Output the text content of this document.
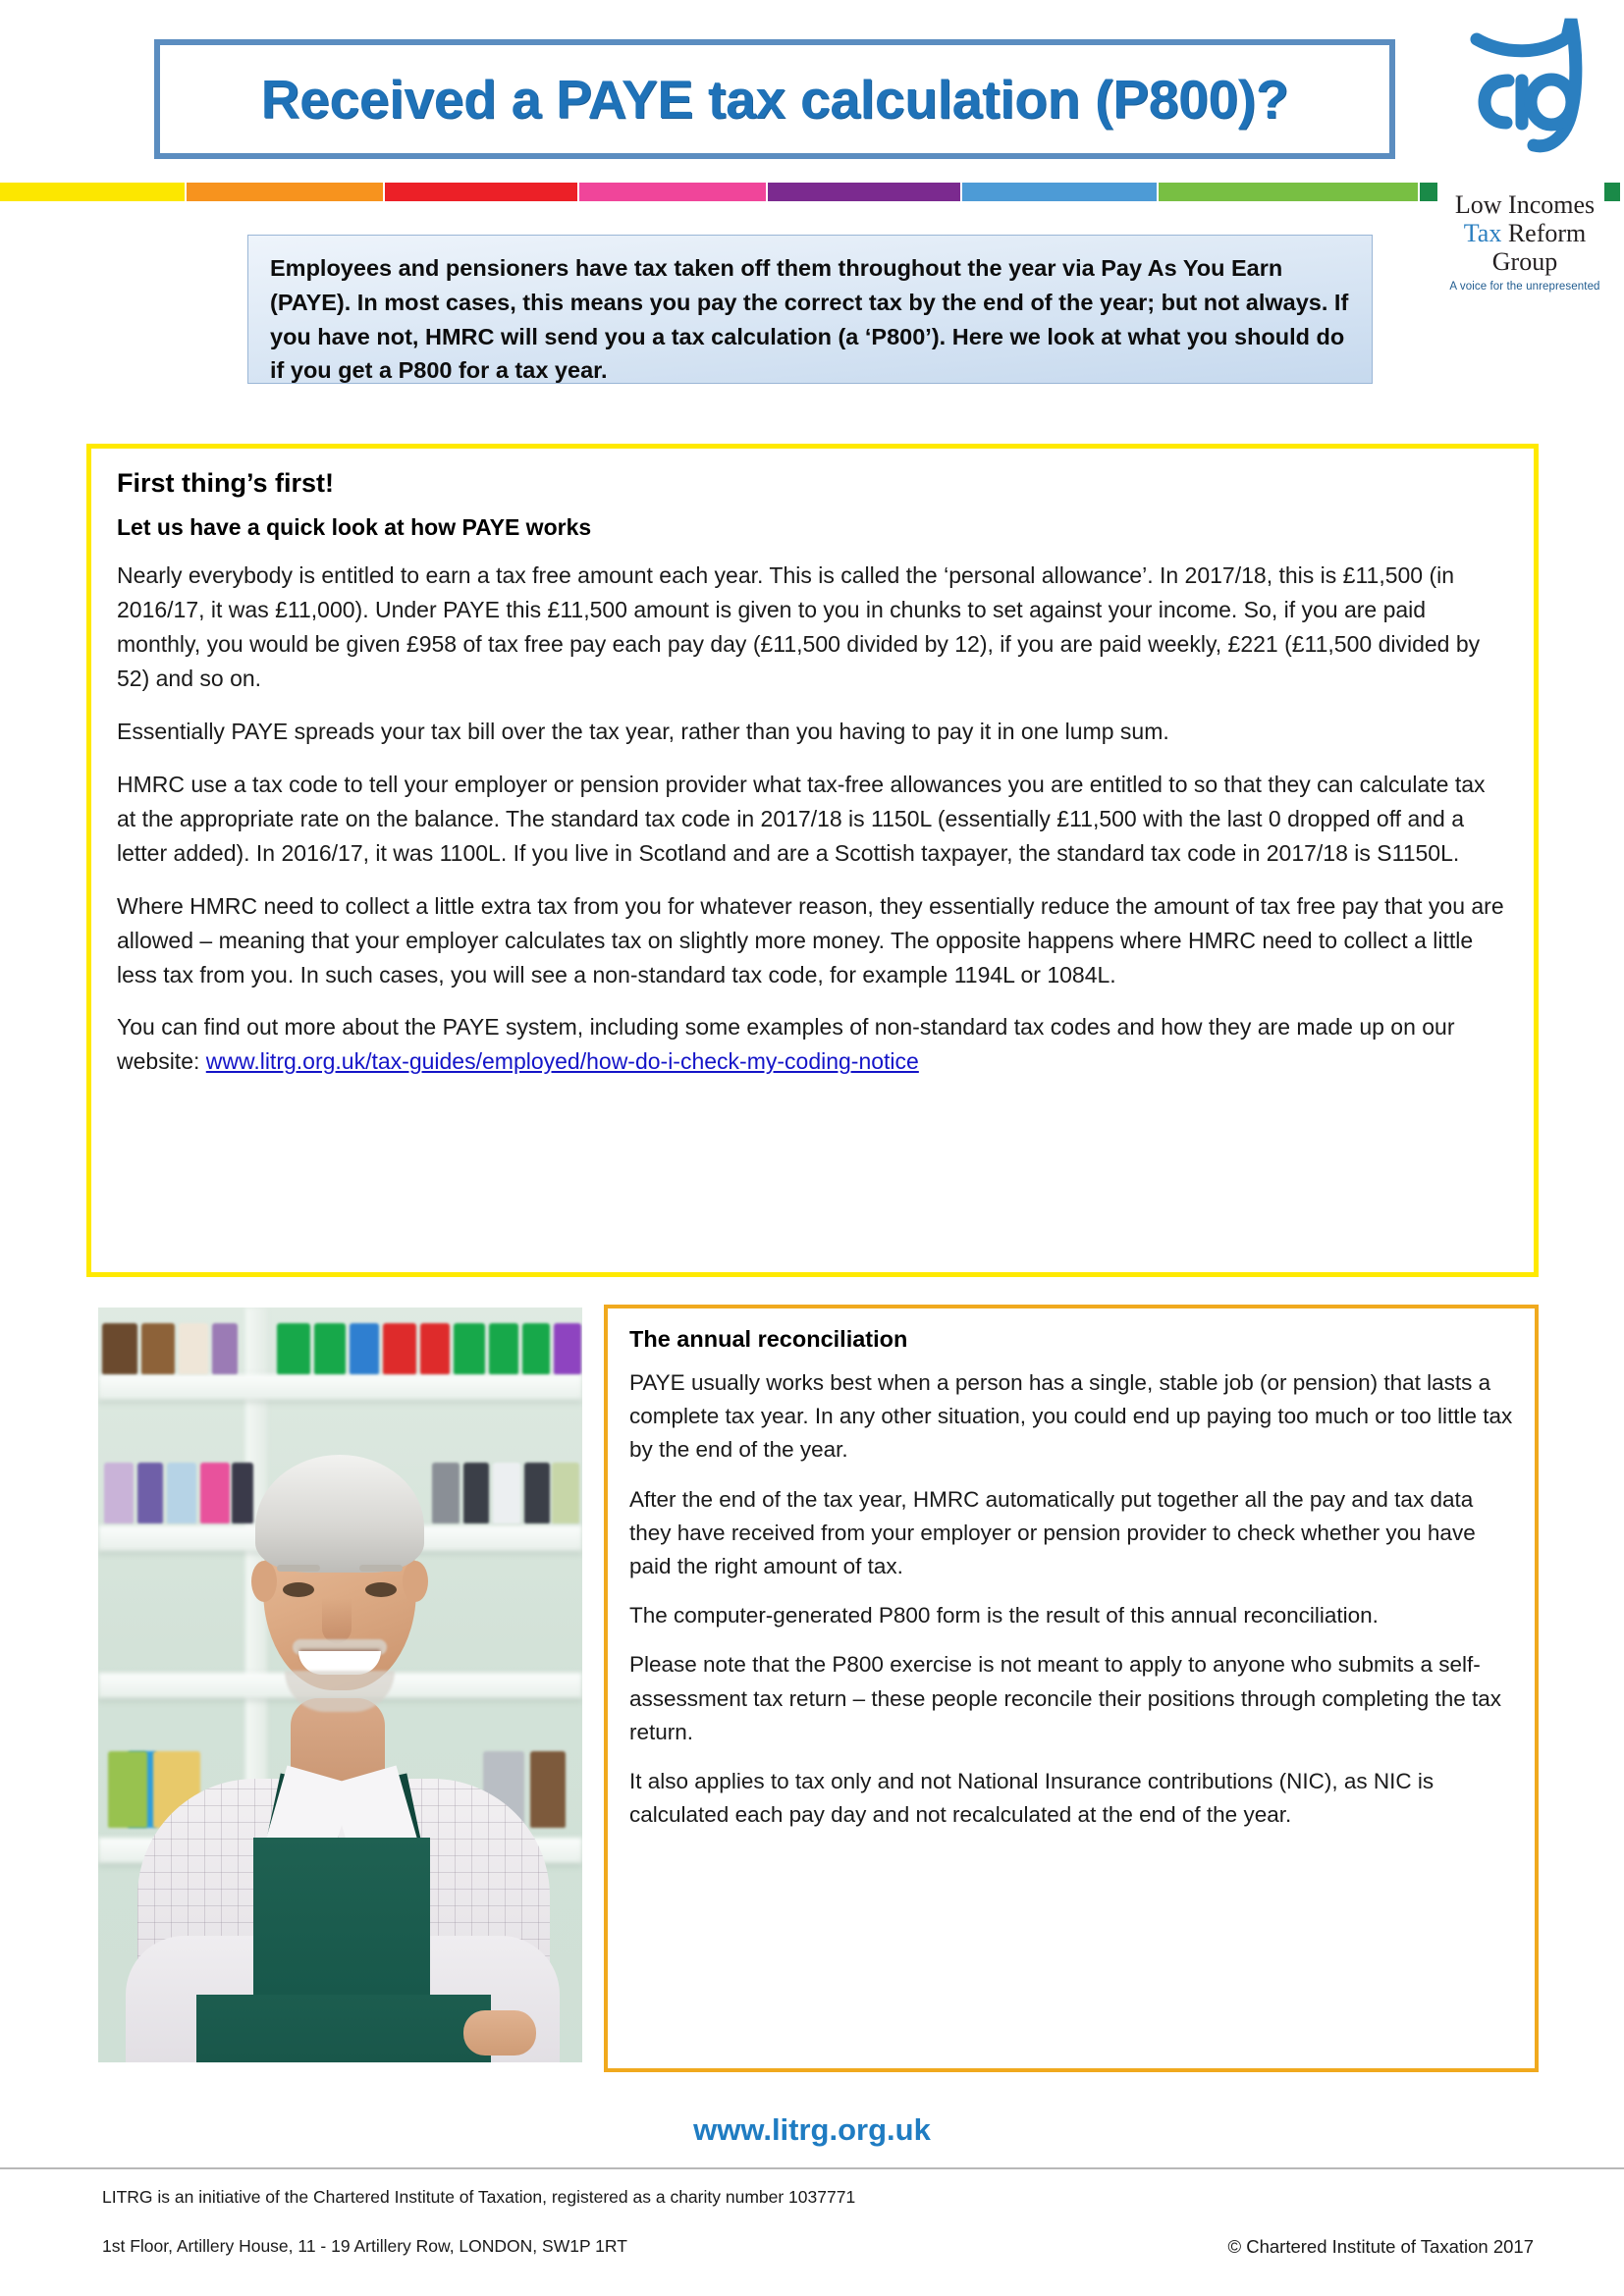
Received a PAYE tax calculation (P800)?
Low Incomes
Tax Reform
Group
A voice for the unrepresented
Employees and pensioners have tax taken off them throughout the year via Pay As You Earn (PAYE). In most cases, this means you pay the correct tax by the end of the year; but not always. If you have not, HMRC will send you a tax calculation (a ‘P800’). Here we look at what you should do if you get a P800 for a tax year.
First thing’s first!
Let us have a quick look at how PAYE works

Nearly everybody is entitled to earn a tax free amount each year. This is called the ‘personal allowance’. In 2017/18, this is £11,500 (in 2016/17, it was £11,000). Under PAYE this £11,500 amount is given to you in chunks to set against your income. So, if you are paid monthly, you would be given £958 of tax free pay each pay day (£11,500 divided by 12), if you are paid weekly, £221 (£11,500 divided by 52) and so on.

Essentially PAYE spreads your tax bill over the tax year, rather than you having to pay it in one lump sum.

HMRC use a tax code to tell your employer or pension provider what tax-free allowances you are entitled to so that they can calculate tax at the appropriate rate on the balance. The standard tax code in 2017/18 is 1150L (essentially £11,500 with the last 0 dropped off and a letter added). In 2016/17, it was 1100L. If you live in Scotland and are a Scottish taxpayer, the standard tax code in 2017/18 is S1150L.

Where HMRC need to collect a little extra tax from you for whatever reason, they essentially reduce the amount of tax free pay that you are allowed – meaning that your employer calculates tax on slightly more money. The opposite happens where HMRC need to collect a little less tax from you. In such cases, you will see a non-standard tax code, for example 1194L or 1084L.

You can find out more about the PAYE system, including some examples of non-standard tax codes and how they are made up on our website: www.litrg.org.uk/tax-guides/employed/how-do-i-check-my-coding-notice

The annual reconciliation

PAYE usually works best when a person has a single, stable job (or pension) that lasts a complete tax year. In any other situation, you could end up paying too much or too little tax by the end of the year.

After the end of the tax year, HMRC automatically put together all the pay and tax data they have received from your employer or pension provider to check whether you have paid the right amount of tax.

The computer-generated P800 form is the result of this annual reconciliation.

Please note that the P800 exercise is not meant to apply to anyone who submits a self-assessment tax return – these people reconcile their positions through completing the tax return.

It also applies to tax only and not National Insurance contributions (NIC), as NIC is calculated each pay day and not recalculated at the end of the year.

www.litrg.org.uk
LITRG is an initiative of the Chartered Institute of Taxation, registered as a charity number 1037771
1st Floor, Artillery House, 11 - 19 Artillery Row, LONDON, SW1P 1RT	© Chartered Institute of Taxation 2017
